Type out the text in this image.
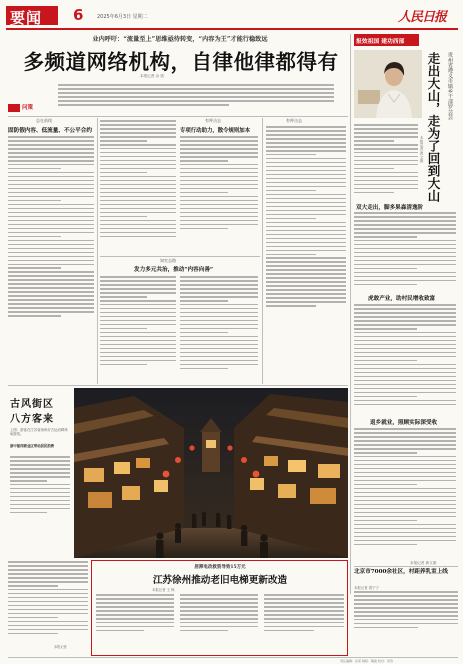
要闻 6	2025年6月3日 星期二	人民日报
业内呼吁：“流量至上”思维亟待转变，“内容为王”才能行稳致远
多频道网络机构，自律他律都得有
本报记者 余 钱
问策
总在前线
固防假内容、低流量、不公平合约
有呼击去
专项行动助力，散令规则加本
有呼击去
知究去路
发力多元共治，推动“内容向善”
报效祖国 建功西部
走出大山，走为了回到大山	贵州省遵义市镇乡干部罗芸芸
本报记者 黄文旗
双大走出，脚多果森清逸阶
虎敢产业，助村民增收致富
返乡就业，照顾实际深受收
本报记者 黄文旗
古风街区
八方客来
上图：游客在江苏省扬州市古运河畔休闲游览。
浙中郁西商业区带动居民消费
本报记者
居滞电改救资导效15万元
江苏徐州推动老旧电梯更新改造
本报记者 王 枫
北京市7000余社区，村距养乳室上线
本报记者 胡宁宁
责任编辑：沈荣 制版：陶振 校对：邓涛
